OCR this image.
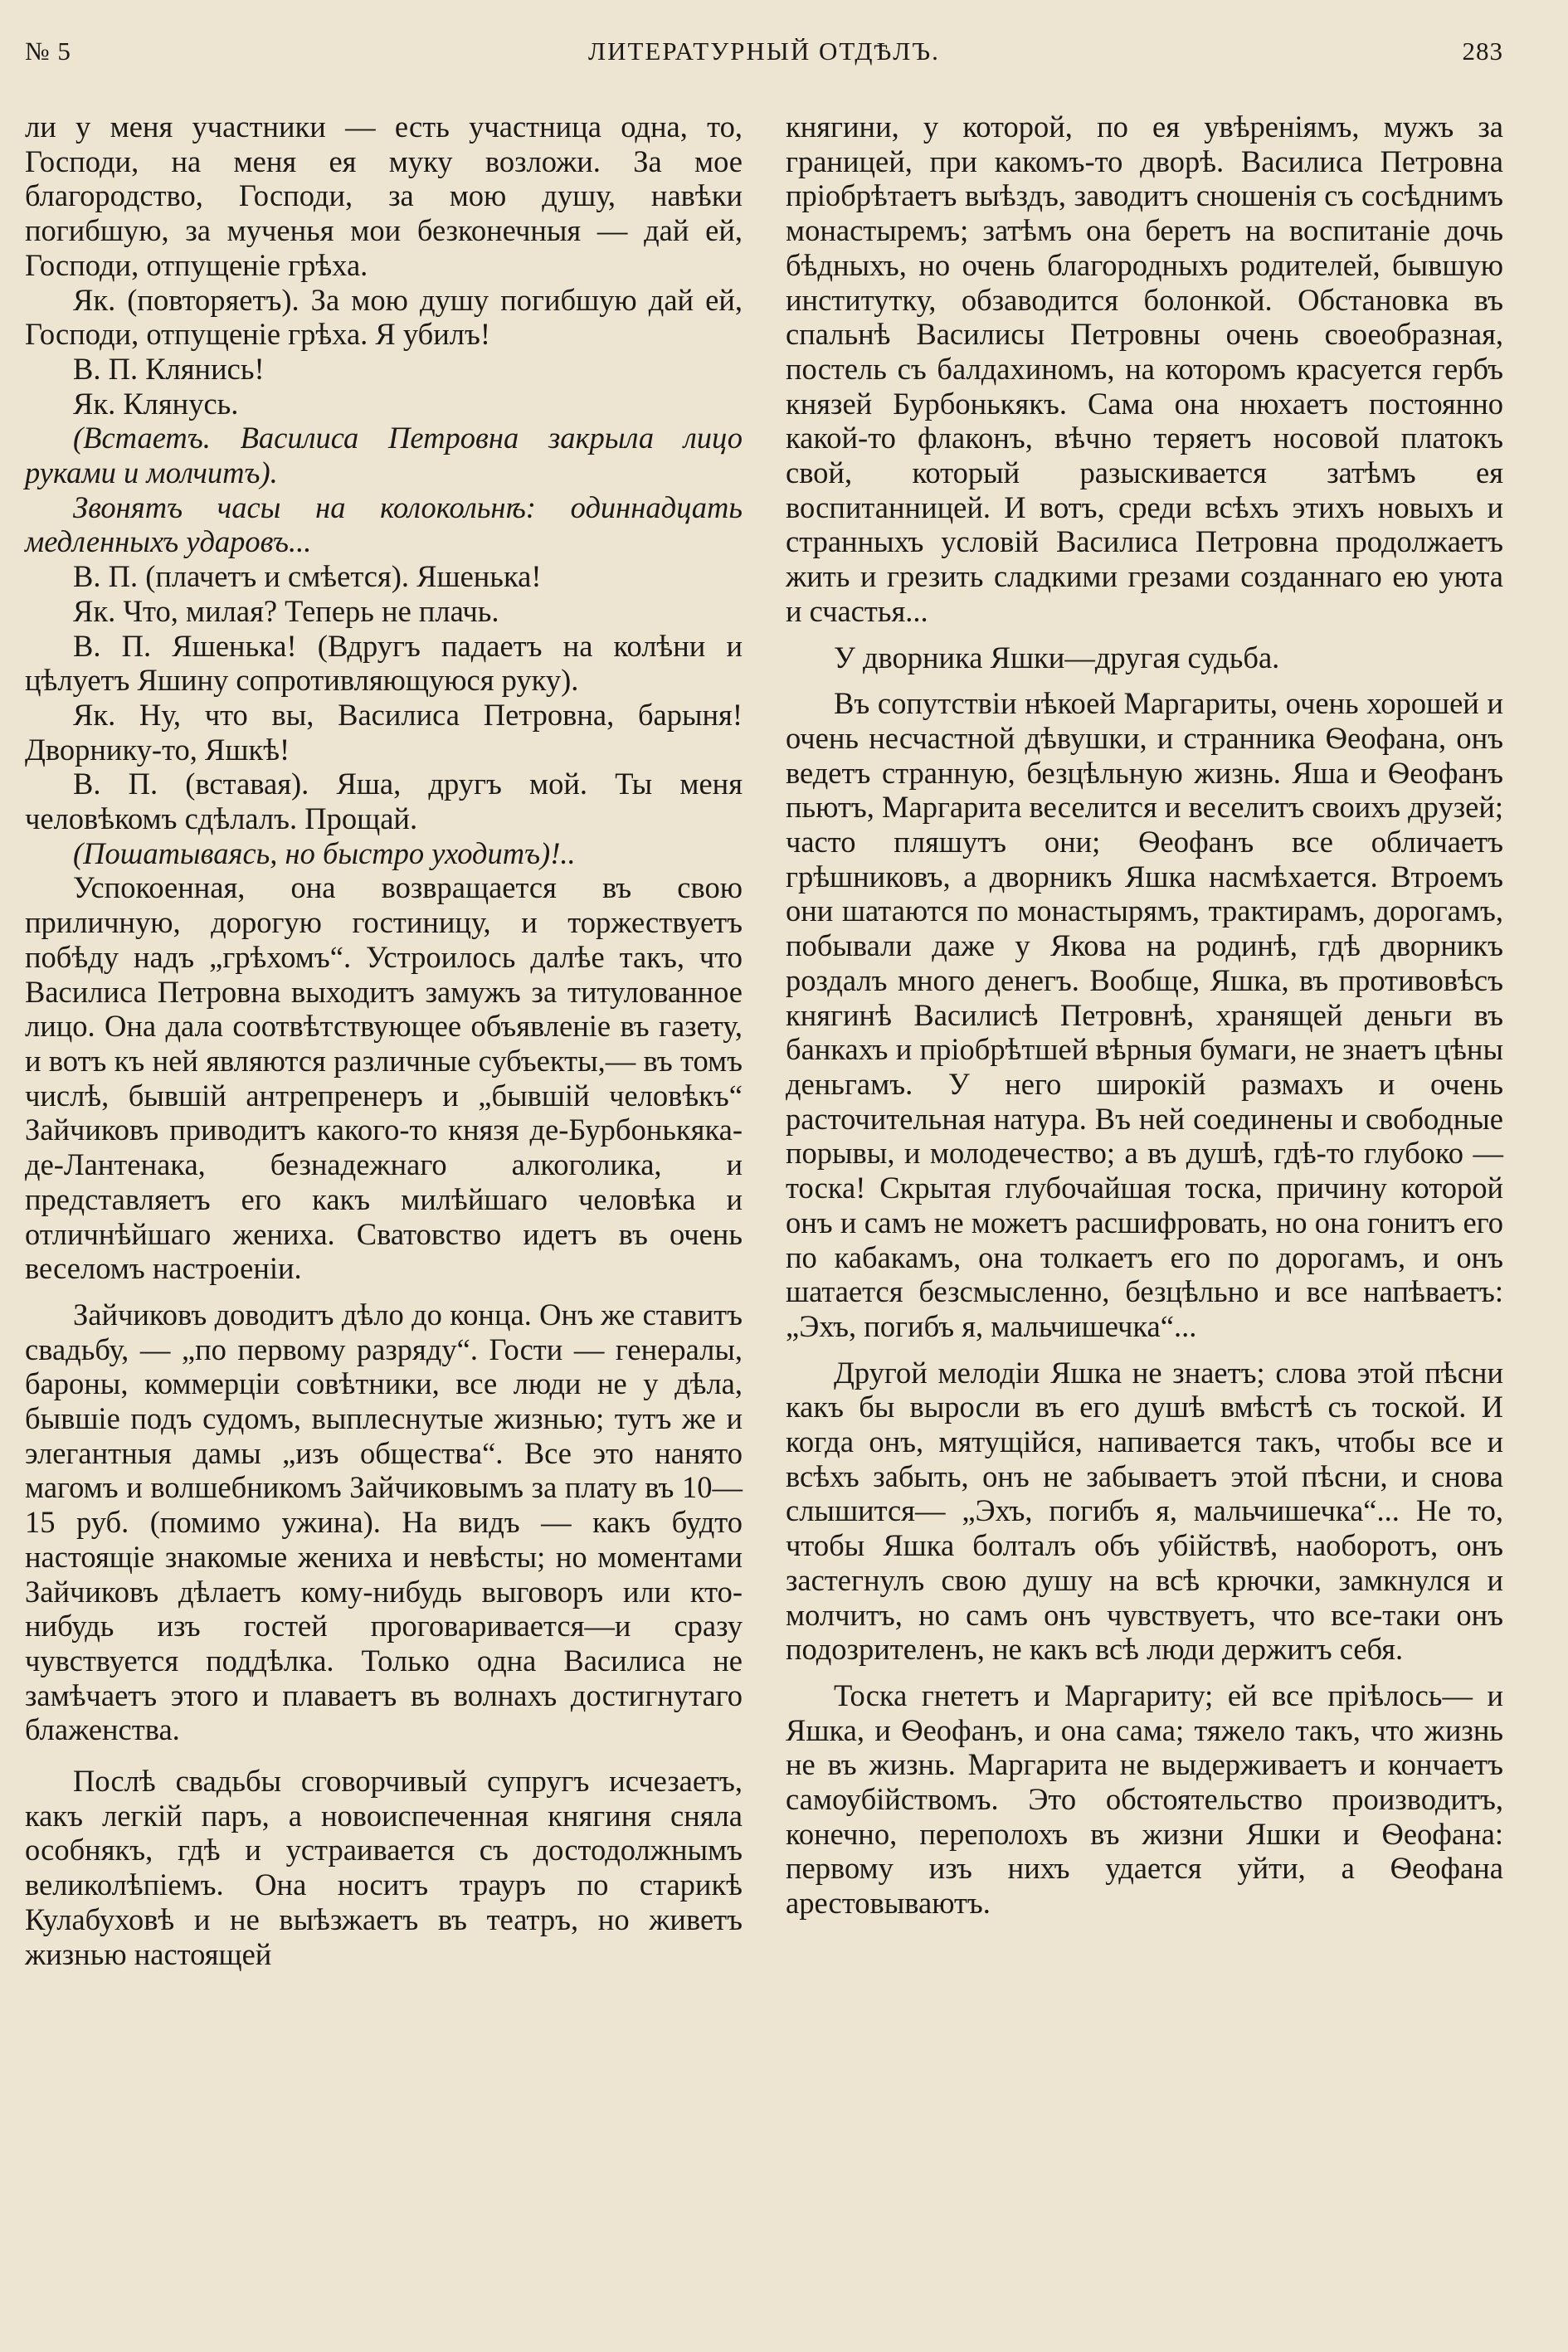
№ 5	ЛИТЕРАТУРНЫЙ ОТДѢЛЪ.	283

ли у меня участники — есть участница одна, то, Господи, на меня ея муку возложи. За мое благородство, Господи, за мою душу, навѣки погибшую, за мученья мои безконечныя — дай ей, Господи, отпущеніе грѣха.

Як. (повторяетъ). За мою душу погибшую дай ей, Господи, отпущеніе грѣха. Я убилъ!

В. П. Клянись!

Як. Клянусь.

(Встаетъ. Василиса Петровна закрыла лицо руками и молчитъ).

Звонятъ часы на колокольнѣ: одиннадцать медленныхъ ударовъ...

В. П. (плачетъ и смѣется). Яшенька!

Як. Что, милая? Теперь не плачь.

В. П. Яшенька! (Вдругъ падаетъ на колѣни и цѣлуетъ Яшину сопротивляющуюся руку).

Як. Ну, что вы, Василиса Петровна, барыня! Дворнику-то, Яшкѣ!

В. П. (вставая). Яша, другъ мой. Ты меня человѣкомъ сдѣлалъ. Прощай.

(Пошатываясь, но быстро уходитъ)!..

Успокоенная, она возвращается въ свою приличную, дорогую гостиницу, и торжествуетъ побѣду надъ „грѣхомъ“. Устроилось далѣе такъ, что Василиса Петровна выходитъ замужъ за титулованное лицо. Она дала соотвѣтствующее объявленіе въ газету, и вотъ къ ней являются различные субъекты,— въ томъ числѣ, бывшій антрепренеръ и „бывшій человѣкъ“ Зайчиковъ приводитъ какого-то князя де-Бурбонькяка-де-Лантенака, безнадежнаго алкоголика, и представляетъ его какъ милѣйшаго человѣка и отличнѣйшаго жениха. Сватовство идетъ въ очень веселомъ настроеніи.

Зайчиковъ доводитъ дѣло до конца. Онъ же ставитъ свадьбу, — „по первому разряду“. Гости — генералы, бароны, коммерціи совѣтники, все люди не у дѣла, бывшіе подъ судомъ, выплеснутые жизнью; тутъ же и элегантныя дамы „изъ общества“. Все это нанято магомъ и волшебникомъ Зайчиковымъ за плату въ 10—15 руб. (помимо ужина). На видъ — какъ будто настоящіе знакомые жениха и невѣсты; но моментами Зайчиковъ дѣлаетъ кому-нибудь выговоръ или кто-нибудь изъ гостей проговаривается—и сразу чувствуется поддѣлка. Только одна Василиса не замѣчаетъ этого и плаваетъ въ волнахъ достигнутаго блаженства.

Послѣ свадьбы сговорчивый супругъ исчезаетъ, какъ легкій паръ, а новоиспеченная княгиня сняла особнякъ, гдѣ и устраивается съ достодолжнымъ великолѣпіемъ. Она носитъ трауръ по старикѣ Кулабуховѣ и не выѣзжаетъ въ театръ, но живетъ жизнью настоящей

княгини, у которой, по ея увѣреніямъ, мужъ за границей, при какомъ-то дворѣ. Василиса Петровна пріобрѣтаетъ выѣздъ, заводитъ сношенія съ сосѣднимъ монастыремъ; затѣмъ она беретъ на воспитаніе дочь бѣдныхъ, но очень благородныхъ родителей, бывшую институтку, обзаводится болонкой. Обстановка въ спальнѣ Василисы Петровны очень своеобразная, постель съ балдахиномъ, на которомъ красуется гербъ князей Бурбонькякъ. Сама она нюхаетъ постоянно какой-то флаконъ, вѣчно теряетъ носовой платокъ свой, который разыскивается затѣмъ ея воспитанницей. И вотъ, среди всѣхъ этихъ новыхъ и странныхъ условій Василиса Петровна продолжаетъ жить и грезить сладкими грезами созданнаго ею уюта и счастья...

У дворника Яшки—другая судьба.

Въ сопутствіи нѣкоей Маргариты, очень хорошей и очень несчастной дѣвушки, и странника Ѳеофана, онъ ведетъ странную, безцѣльную жизнь. Яша и Ѳеофанъ пьютъ, Маргарита веселится и веселитъ своихъ друзей; часто пляшутъ они; Ѳеофанъ все обличаетъ грѣшниковъ, а дворникъ Яшка насмѣхается. Втроемъ они шатаются по монастырямъ, трактирамъ, дорогамъ, побывали даже у Якова на родинѣ, гдѣ дворникъ роздалъ много денегъ. Вообще, Яшка, въ противовѣсъ княгинѣ Василисѣ Петровнѣ, хранящей деньги въ банкахъ и пріобрѣтшей вѣрныя бумаги, не знаетъ цѣны деньгамъ. У него широкій размахъ и очень расточительная натура. Въ ней соединены и свободные порывы, и молодечество; а въ душѣ, гдѣ-то глубоко — тоска! Скрытая глубочайшая тоска, причину которой онъ и самъ не можетъ расшифровать, но она гонитъ его по кабакамъ, она толкаетъ его по дорогамъ, и онъ шатается безсмысленно, безцѣльно и все напѣваетъ: „Эхъ, погибъ я, мальчишечка“...

Другой мелодіи Яшка не знаетъ; слова этой пѣсни какъ бы выросли въ его душѣ вмѣстѣ съ тоской. И когда онъ, мятущійся, напивается такъ, чтобы все и всѣхъ забыть, онъ не забываетъ этой пѣсни, и снова слышится— „Эхъ, погибъ я, мальчишечка“... Не то, чтобы Яшка болталъ объ убійствѣ, наоборотъ, онъ застегнулъ свою душу на всѣ крючки, замкнулся и молчитъ, но самъ онъ чувствуетъ, что все-таки онъ подозрителенъ, не какъ всѣ люди держитъ себя.

Тоска гнететъ и Маргариту; ей все пріѣлось— и Яшка, и Ѳеофанъ, и она сама; тяжело такъ, что жизнь не въ жизнь. Маргарита не выдерживаетъ и кончаетъ самоубійствомъ. Это обстоятельство производитъ, конечно, переполохъ въ жизни Яшки и Ѳеофана: первому изъ нихъ удается уйти, а Ѳеофана арестовываютъ.
